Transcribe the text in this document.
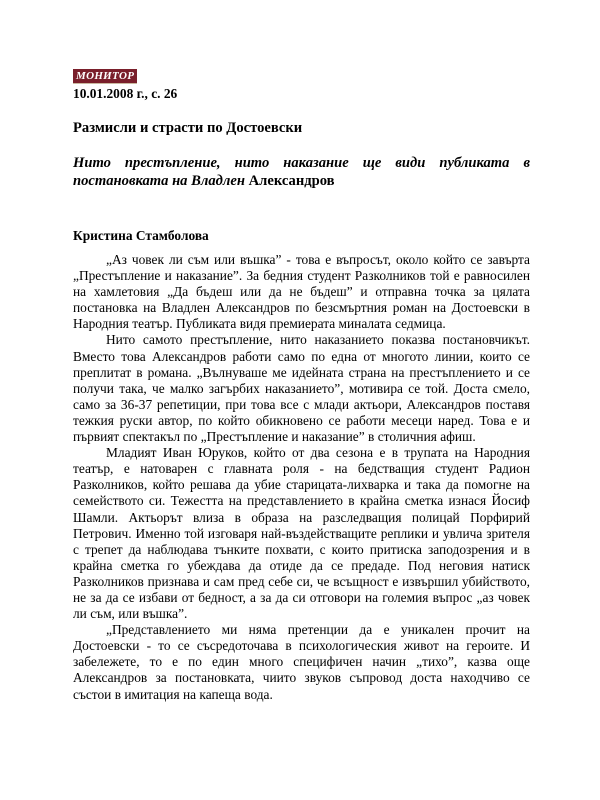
МОНИТОР
10.01.2008 г., с. 26
Размисли и страсти по Достоевски
Нито престъпление, нито наказание ще види публиката в постановката на Владлен Александров
Кристина Стамболова

„Аз човек ли съм или въшка” - това е въпросът, около който се завърта „Престъпление и наказание”. За бедния студент Разколников той е равносилен на хамлетовия „Да бъдеш или да не бъдеш” и отправна точка за цялата постановка на Владлен Александров по безсмъртния роман на Достоевски в Народния театър. Публиката видя премиерата миналата седмица.

Нито самото престъпление, нито наказанието показва постановчикът. Вместо това Александров работи само по една от многото линии, които се преплитат в романа. „Вълнуваше ме идейната страна на престъплението и се получи така, че малко загърбих наказанието”, мотивира се той. Доста смело, само за 36-37 репетиции, при това все с млади актьори, Александров поставя тежкия руски автор, по който обикновено се работи месеци наред. Това е и първият спектакъл по „Престъпление и наказание” в столичния афиш.

Младият Иван Юруков, който от два сезона е в трупата на Народния театър, е натоварен с главната роля - на бедстващия студент Радион Разколников, който решава да убие старицата-лихварка и така да помогне на семейството си. Тежестта на представлението в крайна сметка изнася Йосиф Шамли. Актьорът влиза в образа на разследващия полицай Порфирий Петрович. Именно той изговаря най-въздействащите реплики и увлича зрителя с трепет да наблюдава тънките похвати, с които притиска заподозрения и в крайна сметка го убеждава да отиде да се предаде. Под неговия натиск Разколников признава и сам пред себе си, че всъщност е извършил убийството, не за да се избави от бедност, а за да си отговори на големия въпрос „аз човек ли съм, или въшка”.

„Представлението ми няма претенции да е уникален прочит на Достоевски - то се съсредоточава в психологическия живот на героите. И забележете, то е по един много специфичен начин „тихо”, казва още Александров за постановката, чиито звуков съпровод доста находчиво се състои в имитация на капеща вода.
